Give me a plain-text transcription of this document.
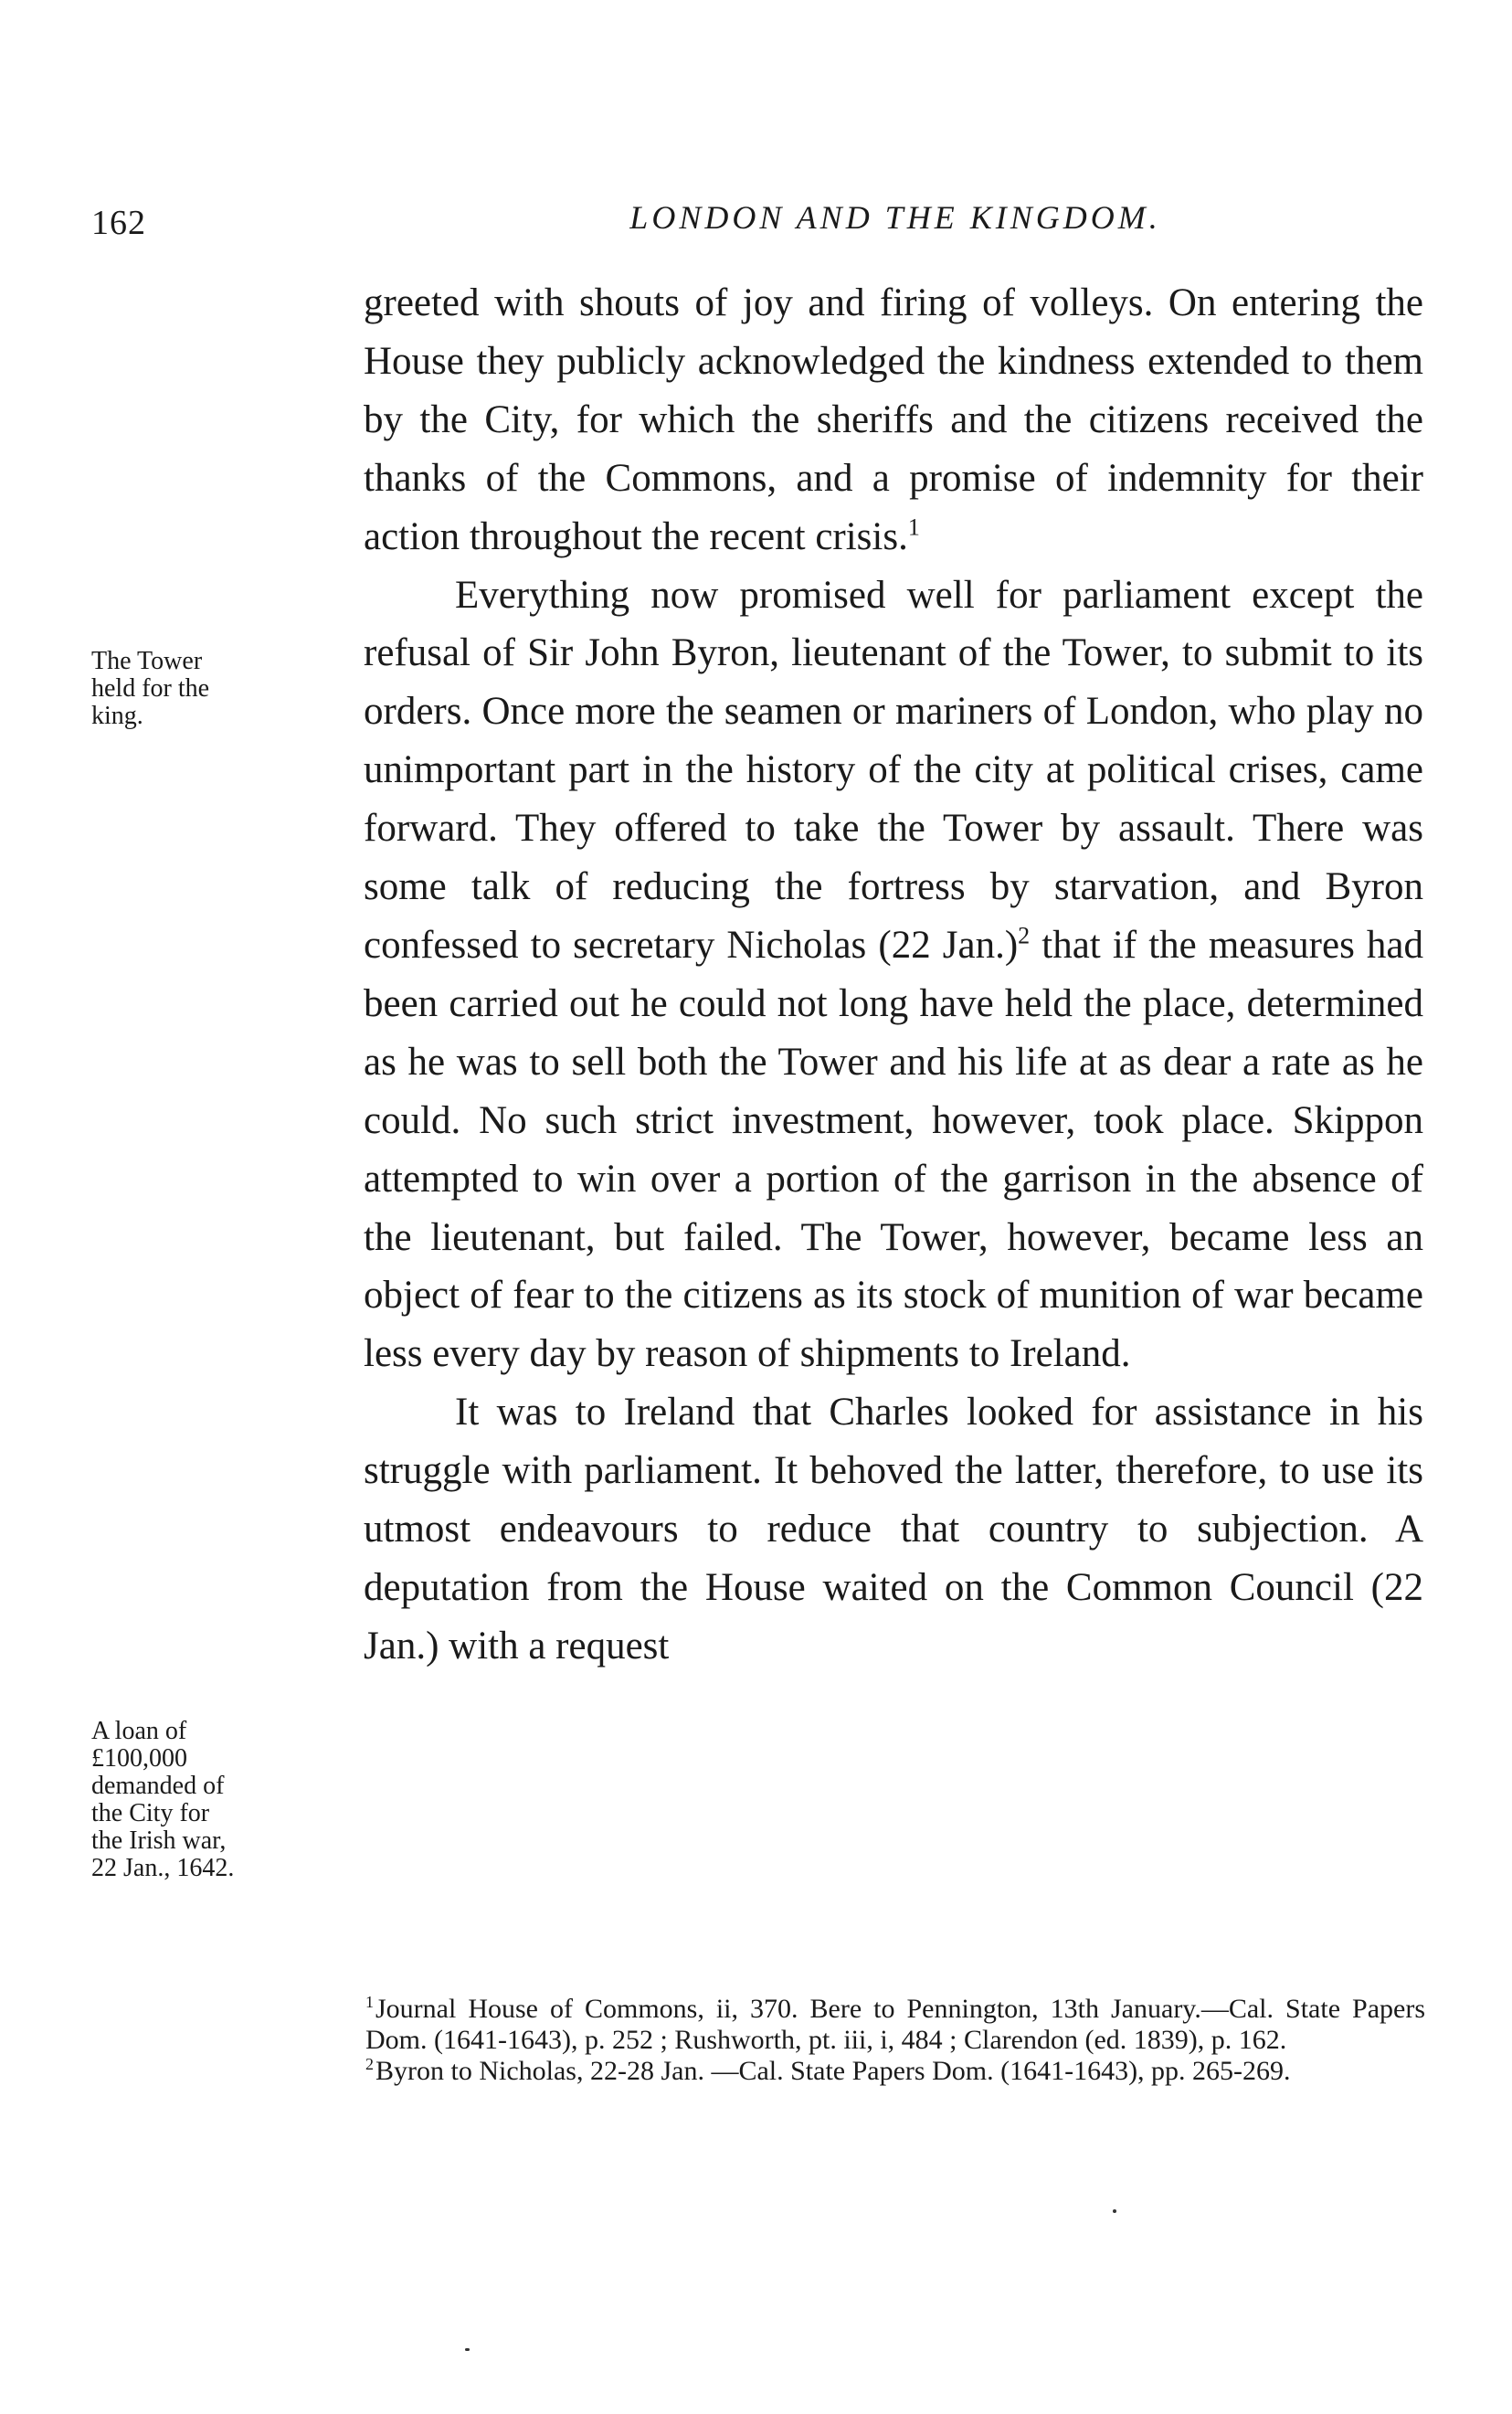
162	LONDON AND THE KINGDOM.
The Tower
held for the
king.
A loan of
£100,000
demanded of
the City for
the Irish war,
22 Jan., 1642.

greeted with shouts of joy and firing of volleys. On entering the House they publicly acknowledged the kindness extended to them by the City, for which the sheriffs and the citizens received the thanks of the Commons, and a promise of indemnity for their action throughout the recent crisis.$^1$

Everything now promised well for parliament except the refusal of Sir John Byron, lieutenant of the Tower, to submit to its orders. Once more the seamen or mariners of London, who play no unimportant part in the history of the city at political crises, came forward. They offered to take the Tower by assault. There was some talk of reducing the fortress by starvation, and Byron confessed to secretary Nicholas (22 Jan.)$^2$ that if the measures had been carried out he could not long have held the place, determined as he was to sell both the Tower and his life at as dear a rate as he could. No such strict investment, however, took place. Skippon attempted to win over a portion of the garrison in the absence of the lieutenant, but failed. The Tower, however, became less an object of fear to the citizens as its stock of munition of war became less every day by reason of shipments to Ireland.

It was to Ireland that Charles looked for assistance in his struggle with parliament. It behoved the latter, therefore, to use its utmost endeavours to reduce that country to subjection. A deputation from the House waited on the Common Council (22 Jan.) with a request

$^1$Journal House of Commons, ii, 370. Bere to Pennington, 13th January.—Cal. State Papers Dom. (1641-1643), p. 252 ; Rushworth, pt. iii, i, 484 ; Clarendon (ed. 1839), p. 162.

$^2$Byron to Nicholas, 22-28 Jan. —Cal. State Papers Dom. (1641-1643), pp. 265-269.
